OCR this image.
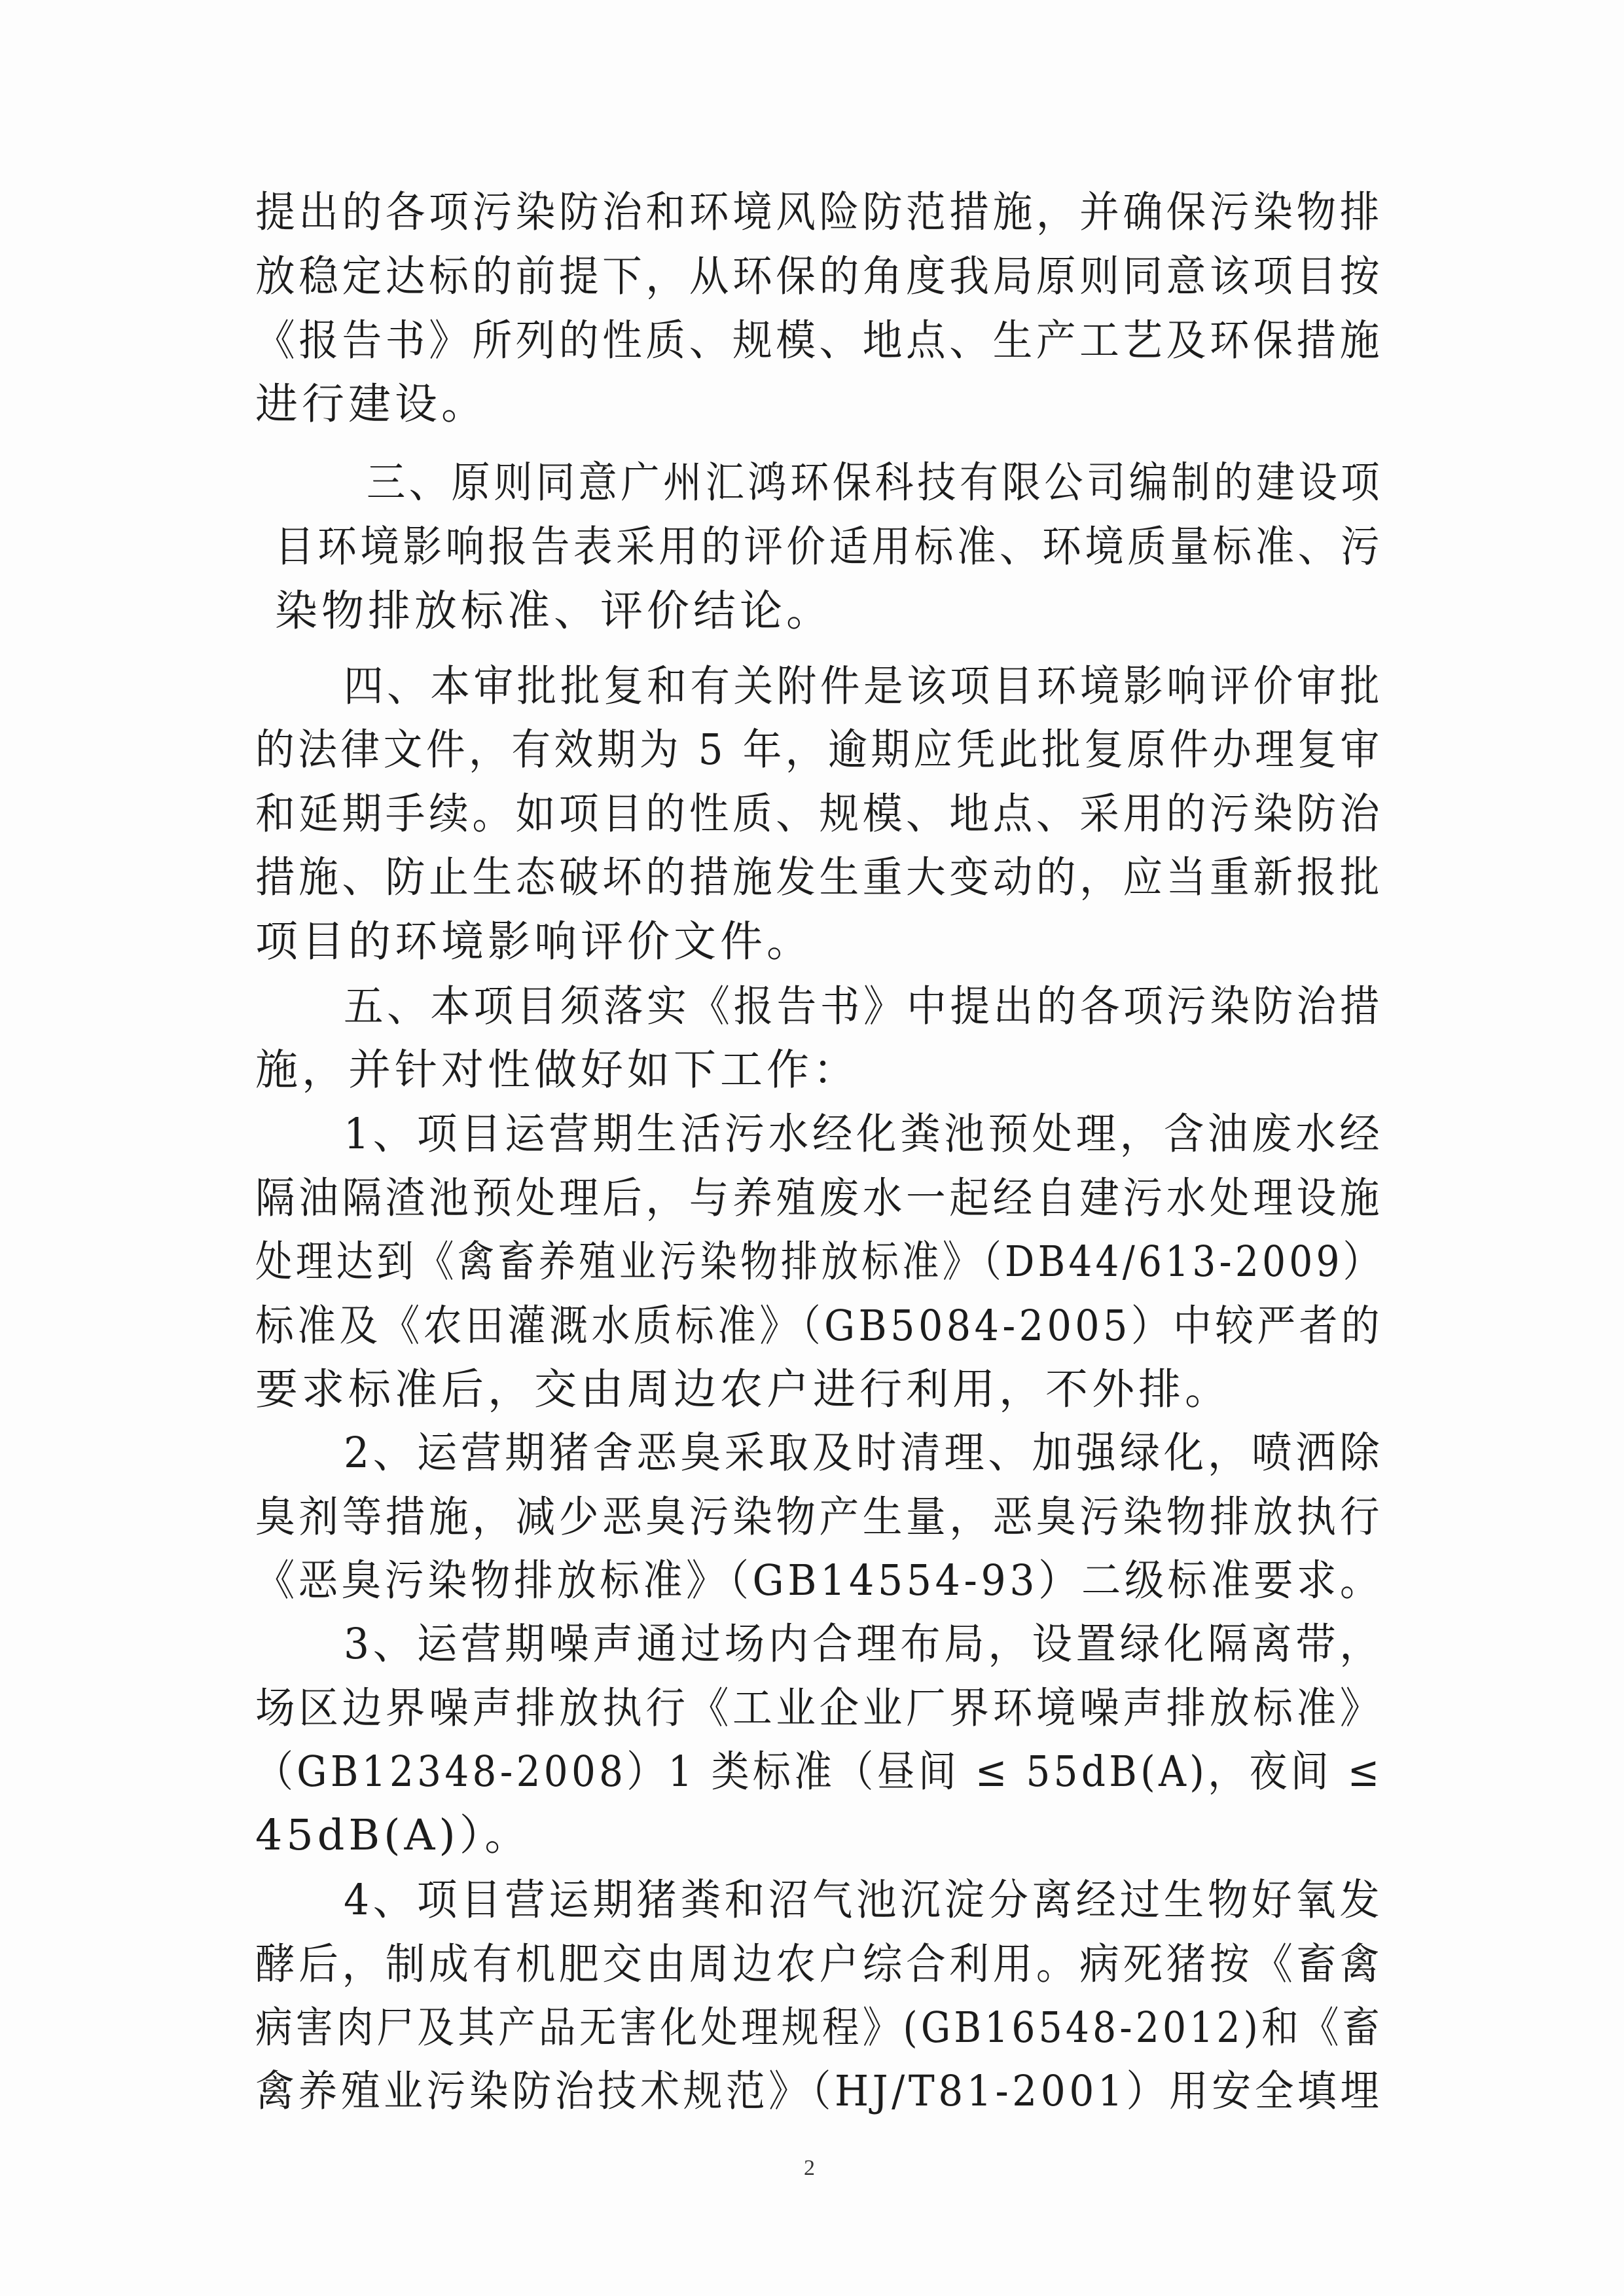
提出的各项污染防治和环境风险防范措施，并确保污染物排
放稳定达标的前提下，从环保的角度我局原则同意该项目按
《报告书》所列的性质、规模、地点、生产工艺及环保措施
进行建设。
三、原则同意广州汇鸿环保科技有限公司编制的建设项
目环境影响报告表采用的评价适用标准、环境质量标准、污
染物排放标准、评价结论。
四、本审批批复和有关附件是该项目环境影响评价审批
的法律文件，有效期为 5 年，逾期应凭此批复原件办理复审
和延期手续。如项目的性质、规模、地点、采用的污染防治
措施、防止生态破坏的措施发生重大变动的，应当重新报批
项目的环境影响评价文件。
五、本项目须落实《报告书》中提出的各项污染防治措
施，并针对性做好如下工作：
1、项目运营期生活污水经化粪池预处理，含油废水经
隔油隔渣池预处理后，与养殖废水一起经自建污水处理设施
处理达到《禽畜养殖业污染物排放标准》（DB44/613-2009）
标准及《农田灌溉水质标准》（GB5084-2005）中较严者的
要求标准后，交由周边农户进行利用，不外排。
2、运营期猪舍恶臭采取及时清理、加强绿化，喷洒除
臭剂等措施，减少恶臭污染物产生量，恶臭污染物排放执行
《恶臭污染物排放标准》（GB14554-93）二级标准要求。
3、运营期噪声通过场内合理布局，设置绿化隔离带，
场区边界噪声排放执行《工业企业厂界环境噪声排放标准》
（GB12348-2008）1 类标准（昼间 ≤ 55dB(A)，夜间 ≤
45dB(A)）。
4、项目营运期猪粪和沼气池沉淀分离经过生物好氧发
酵后，制成有机肥交由周边农户综合利用。病死猪按《畜禽
病害肉尸及其产品无害化处理规程》(GB16548-2012)和《畜
禽养殖业污染防治技术规范》（HJ/T81-2001）用安全填埋
2
